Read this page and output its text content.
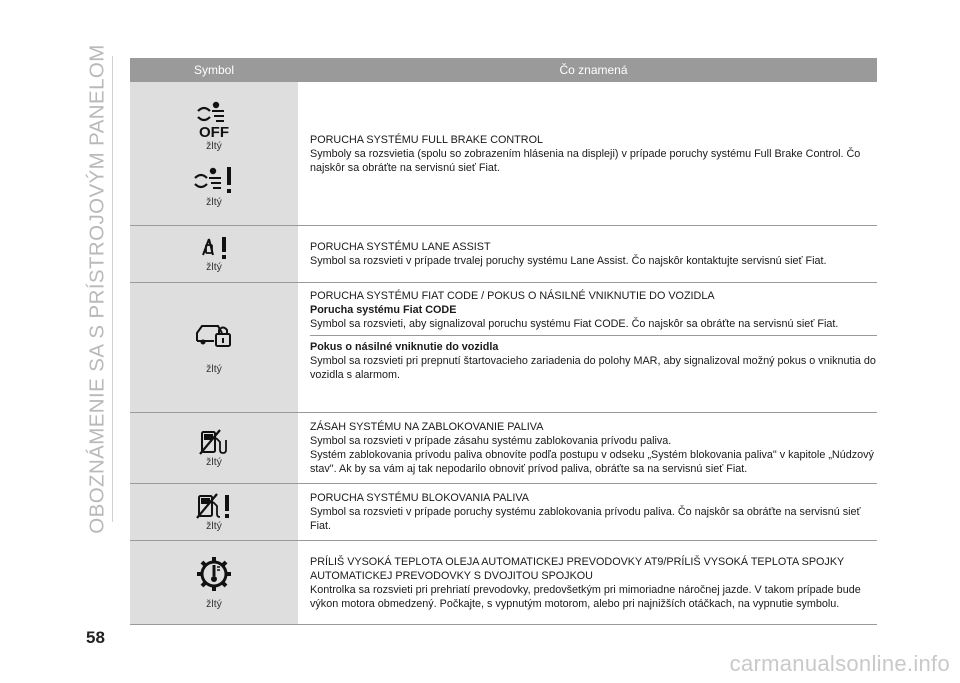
OBOZNÁMENIE SA S PRÍSTROJOVÝM PANELOM
58
Symbol	Čo znamená
OFF
žltý
žltý

PORUCHA SYSTÉMU FULL BRAKE CONTROL

Symboly sa rozsvietia (spolu so zobrazením hlásenia na displeji) v prípade poruchy systému Full Brake Control. Čo najskôr sa obráťte na servisnú sieť Fiat.

žltý

PORUCHA SYSTÉMU LANE ASSIST

Symbol sa rozsvieti v prípade trvalej poruchy systému Lane Assist. Čo najskôr kontaktujte servisnú sieť Fiat.

žltý

PORUCHA SYSTÉMU FIAT CODE / POKUS O NÁSILNÉ VNIKNUTIE DO VOZIDLA

Porucha systému Fiat CODE

Symbol sa rozsvieti, aby signalizoval poruchu systému Fiat CODE. Čo najskôr sa obráťte na servisnú sieť Fiat.

Pokus o násilné vniknutie do vozidla

Symbol sa rozsvieti pri prepnutí štartovacieho zariadenia do polohy MAR, aby signalizoval možný pokus o vniknutia do vozidla s alarmom.

žltý

ZÁSAH SYSTÉMU NA ZABLOKOVANIE PALIVA

Symbol sa rozsvieti v prípade zásahu systému zablokovania prívodu paliva.

Systém zablokovania prívodu paliva obnovíte podľa postupu v odseku „Systém blokovania paliva" v kapitole „Núdzový stav". Ak by sa vám aj tak nepodarilo obnoviť prívod paliva, obráťte sa na servisnú sieť Fiat.

žltý

PORUCHA SYSTÉMU BLOKOVANIA PALIVA

Symbol sa rozsvieti v prípade poruchy systému zablokovania prívodu paliva. Čo najskôr sa obráťte na servisnú sieť Fiat.

žltý

PRÍLIŠ VYSOKÁ TEPLOTA OLEJA AUTOMATICKEJ PREVODOVKY AT9/PRÍLIŠ VYSOKÁ TEPLOTA SPOJKY AUTOMATICKEJ PREVODOVKY S DVOJITOU SPOJKOU

Kontrolka sa rozsvieti pri prehriatí prevodovky, predovšetkým pri mimoriadne náročnej jazde. V takom prípade bude výkon motora obmedzený. Počkajte, s vypnutým motorom, alebo pri najnižších otáčkach, na vypnutie symbolu.

carmanualsonline.info
